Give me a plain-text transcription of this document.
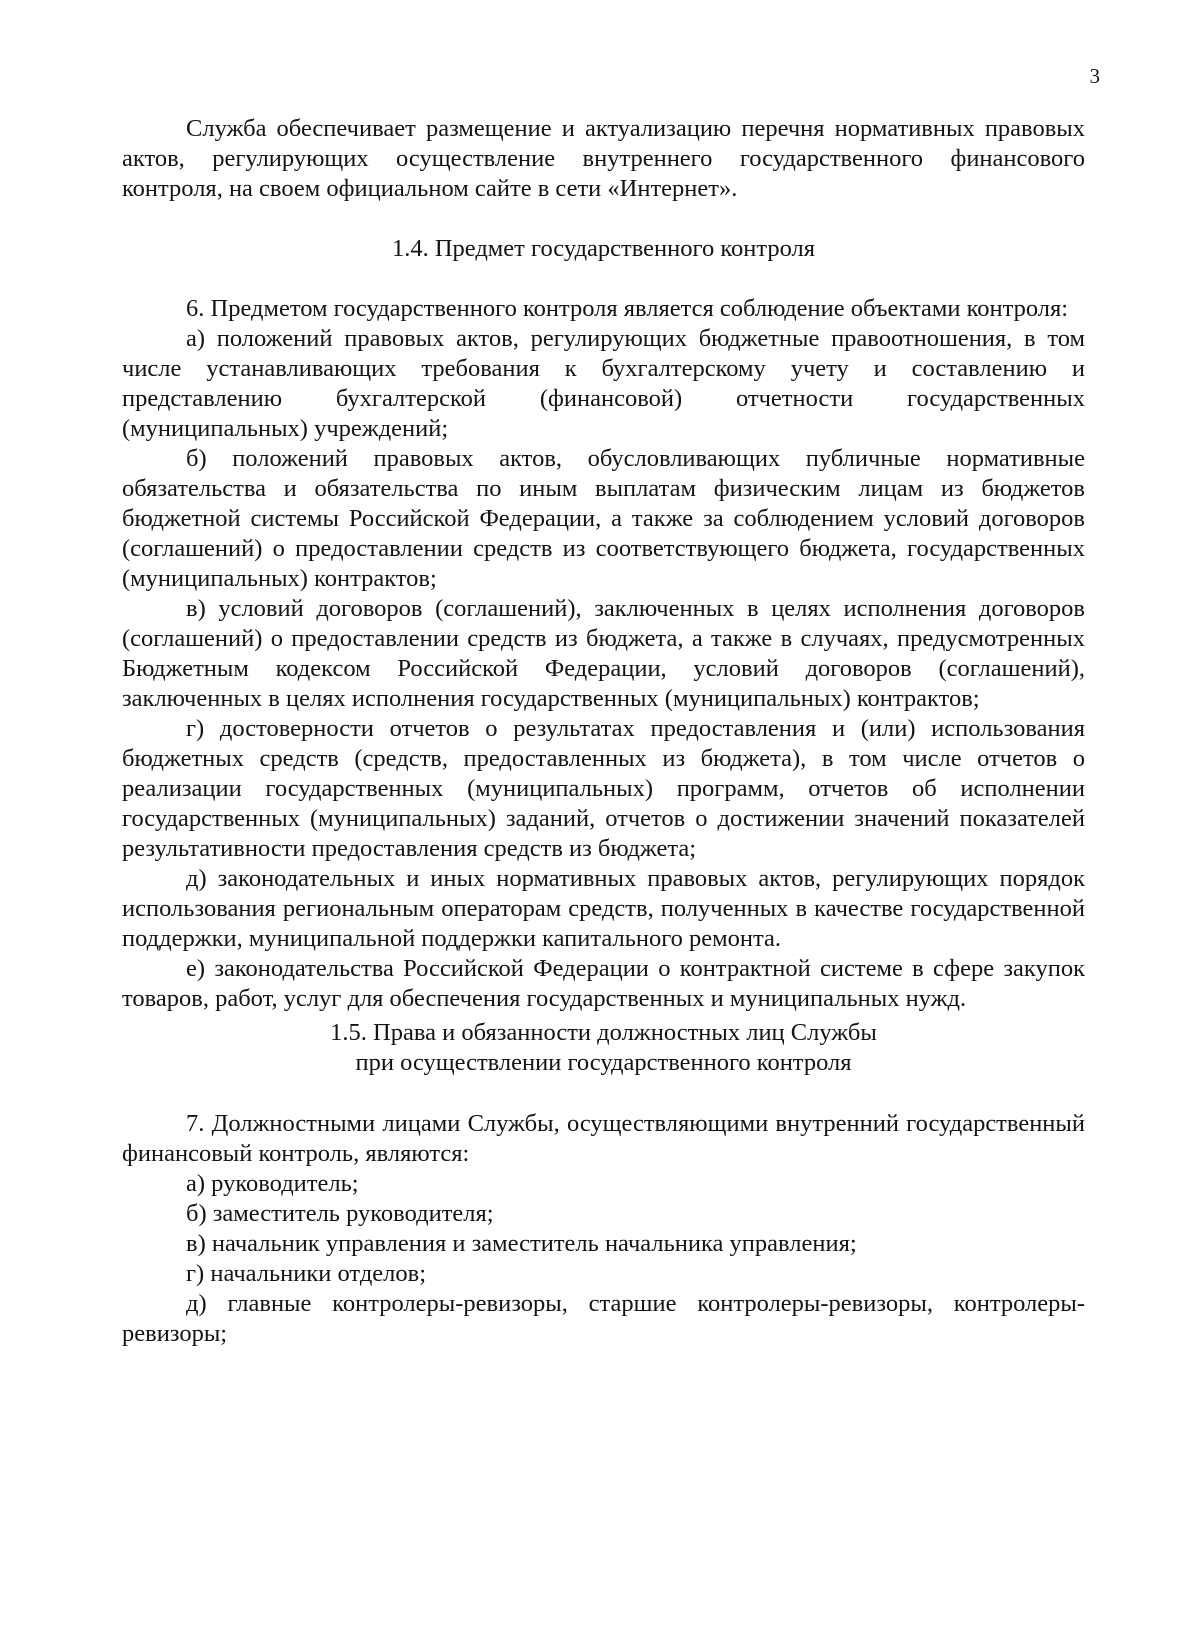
3

Служба обеспечивает размещение и актуализацию перечня нормативных правовых актов, регулирующих осуществление внутреннего государственного финансового контроля, на своем официальном сайте в сети «Интернет».

1.4. Предмет государственного контроля

6. Предметом государственного контроля является соблюдение объектами контроля:

а) положений правовых актов, регулирующих бюджетные правоотношения, в том числе устанавливающих требования к бухгалтерскому учету и составлению и представлению бухгалтерской (финансовой) отчетности государственных (муниципальных) учреждений;

б) положений правовых актов, обусловливающих публичные нормативные обязательства и обязательства по иным выплатам физическим лицам из бюджетов бюджетной системы Российской Федерации, а также за соблюдением условий договоров (соглашений) о предоставлении средств из соответствующего бюджета, государственных (муниципальных) контрактов;

в) условий договоров (соглашений), заключенных в целях исполнения договоров (соглашений) о предоставлении средств из бюджета, а также в случаях, предусмотренных Бюджетным кодексом Российской Федерации, условий договоров (соглашений), заключенных в целях исполнения государственных (муниципальных) контрактов;

г) достоверности отчетов о результатах предоставления и (или) использования бюджетных средств (средств, предоставленных из бюджета), в том числе отчетов о реализации государственных (муниципальных) программ, отчетов об исполнении государственных (муниципальных) заданий, отчетов о достижении значений показателей результативности предоставления средств из бюджета;

д) законодательных и иных нормативных правовых актов, регулирующих порядок использования региональным операторам средств, полученных в качестве государственной поддержки, муниципальной поддержки капитального ремонта.

е) законодательства Российской Федерации о контрактной системе в сфере закупок товаров, работ, услуг для обеспечения государственных и муниципальных нужд.

1.5. Права и обязанности должностных лиц Службы
при осуществлении государственного контроля

7. Должностными лицами Службы, осуществляющими внутренний государственный финансовый контроль, являются:

а) руководитель;

б) заместитель руководителя;

в) начальник управления и заместитель начальника управления;

г) начальники отделов;

д) главные контролеры-ревизоры, старшие контролеры-ревизоры, контролеры-ревизоры;
